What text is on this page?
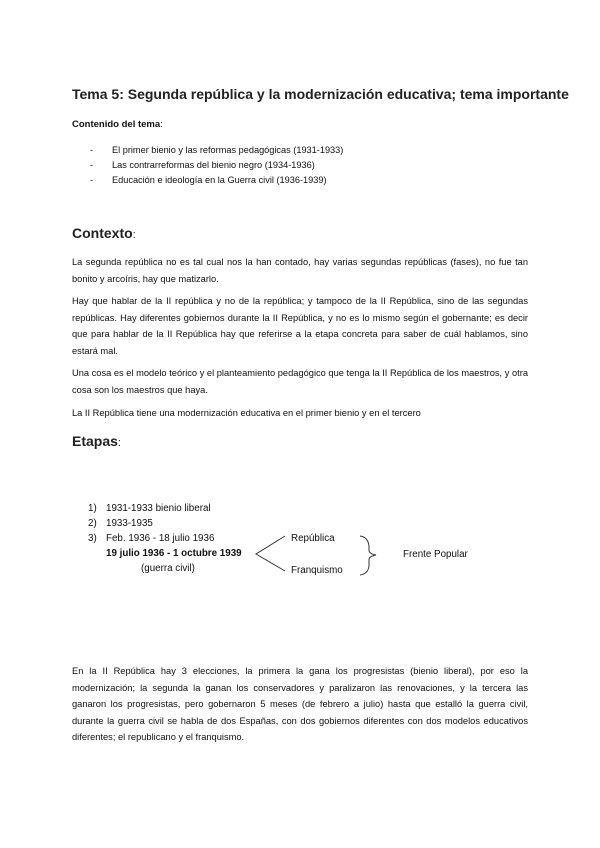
Tema 5: Segunda república y la modernización educativa; tema importante
Contenido del tema:
- El primer bienio y las reformas pedagógicas (1931-1933)
- Las contrarreformas del bienio negro (1934-1936)
- Educación e ideología en la Guerra civil (1936-1939)
Contexto:

La segunda república no es tal cual nos la han contado, hay varias segundas repúblicas (fases), no fue tan bonito y arcoíris, hay que matizarlo.

Hay que hablar de la II república y no de la república; y tampoco de la II República, sino de las segundas repúblicas. Hay diferentes gobiernos durante la II República, y no es lo mismo según el gobernante; es decir que para hablar de la II República hay que referirse a la etapa concreta para saber de cuál hablamos, sino estará mal.

Una cosa es el modelo teórico y el planteamiento pedagógico que tenga la II República de los maestros, y otra cosa son los maestros que haya.

La II República tiene una modernización educativa en el primer bienio y en el tercero

Etapas:
1) 1931-1933 bienio liberal
2) 1933-1935
3) Feb. 1936 - 18 julio 1936
19 julio 1936 - 1 octubre 1939
(guerra civil)
República
Franquismo
Frente Popular

En la II República hay 3 elecciones, la primera la gana los progresistas (bienio liberal), por eso la modernización; la segunda la ganan los conservadores y paralizaron las renovaciones, y la tercera las ganaron los progresistas, pero gobernaron 5 meses (de febrero a julio) hasta que estalló la guerra civil, durante la guerra civil se habla de dos Españas, con dos gobiernos diferentes con dos modelos educativos diferentes; el republicano y el franquismo.
